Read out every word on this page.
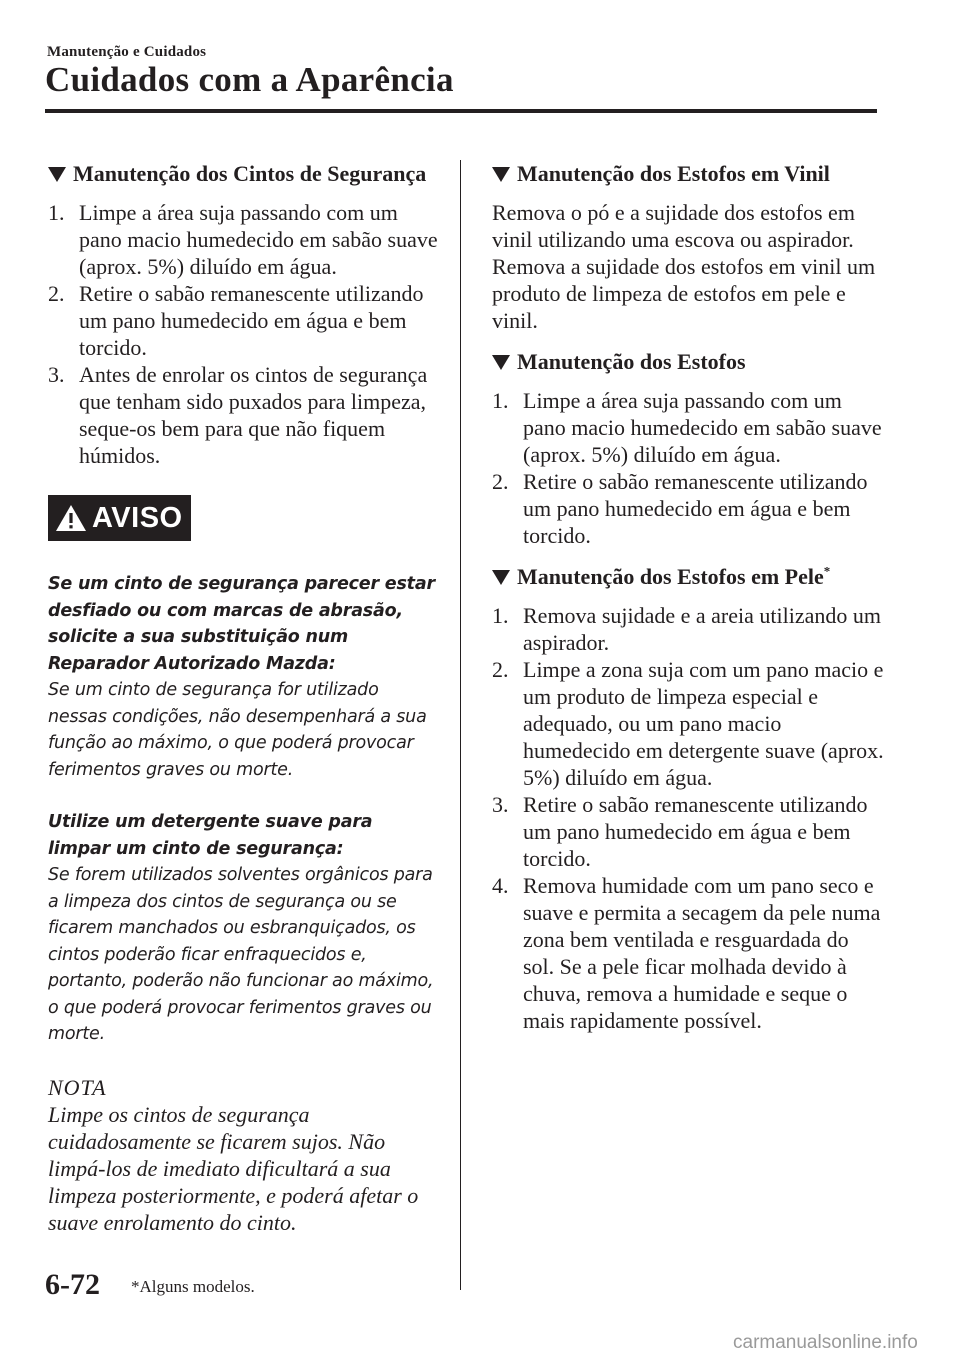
Manutenção e Cuidados
Cuidados com a Aparência
Manutenção dos Cintos de Segurança
1. Limpe a área suja passando com um pano macio humedecido em sabão suave (aprox. 5%) diluído em água.
2. Retire o sabão remanescente utilizando um pano humedecido em água e bem torcido.
3. Antes de enrolar os cintos de segurança que tenham sido puxados para limpeza, seque-os bem para que não fiquem húmidos.
AVISO

Se um cinto de segurança parecer estar desfiado ou com marcas de abrasão, solicite a sua substituição num Reparador Autorizado Mazda:

Se um cinto de segurança for utilizado nessas condições, não desempenhará a sua função ao máximo, o que poderá provocar ferimentos graves ou morte.

Utilize um detergente suave para limpar um cinto de segurança:

Se forem utilizados solventes orgânicos para a limpeza dos cintos de segurança ou se ficarem manchados ou esbranquiçados, os cintos poderão ficar enfraquecidos e, portanto, poderão não funcionar ao máximo, o que poderá provocar ferimentos graves ou morte.

NOTA
Limpe os cintos de segurança cuidadosamente se ficarem sujos. Não limpá-los de imediato dificultará a sua limpeza posteriormente, e poderá afetar o suave enrolamento do cinto.
Manutenção dos Estofos em Vinil

Remova o pó e a sujidade dos estofos em vinil utilizando uma escova ou aspirador. Remova a sujidade dos estofos em vinil um produto de limpeza de estofos em pele e vinil.

Manutenção dos Estofos
1. Limpe a área suja passando com um pano macio humedecido em sabão suave (aprox. 5%) diluído em água.
2. Retire o sabão remanescente utilizando um pano humedecido em água e bem torcido.
Manutenção dos Estofos em Pele*
1. Remova sujidade e a areia utilizando um aspirador.
2. Limpe a zona suja com um pano macio e um produto de limpeza especial e adequado, ou um pano macio humedecido em detergente suave (aprox. 5%) diluído em água.
3. Retire o sabão remanescente utilizando um pano humedecido em água e bem torcido.
4. Remova humidade com um pano seco e suave e permita a secagem da pele numa zona bem ventilada e resguardada do sol. Se a pele ficar molhada devido à chuva, remova a humidade e seque o mais rapidamente possível.
6-72 *Alguns modelos.
carmanualsonline.info
